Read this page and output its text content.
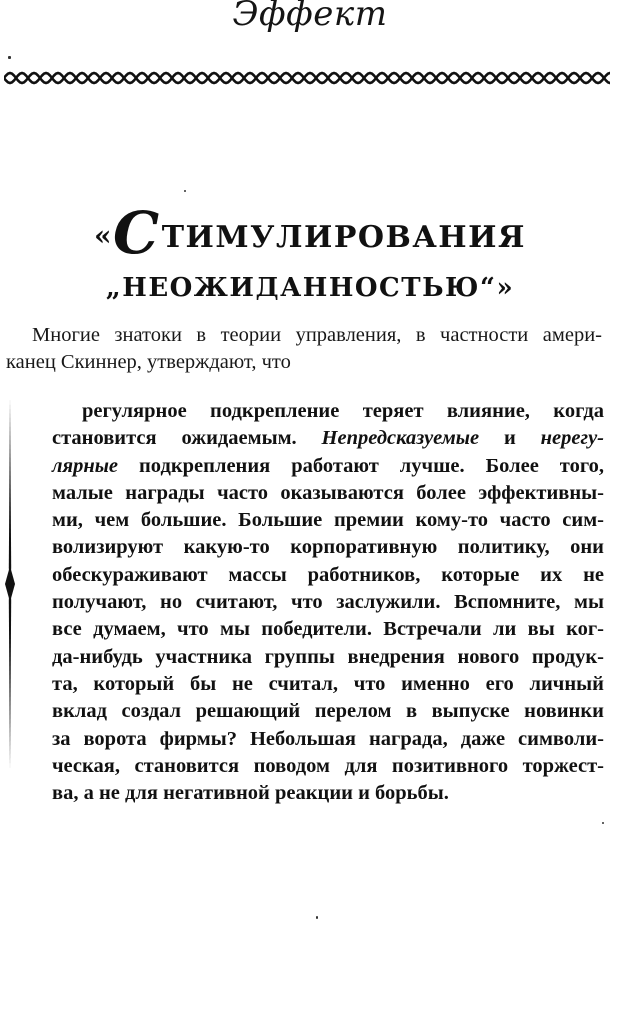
Эффект
«СТИМУЛИРОВАНИЯ
„НЕОЖИДАННОСТЬЮ“»
Многие знатоки в теории управления, в частности амери-
канец Скиннер, утверждают, что
регулярное подкрепление теряет влияние, когда
становится ожидаемым. Непредсказуемые и нерегу-
лярные подкрепления работают лучше. Более того,
малые награды часто оказываются более эффективны-
ми, чем большие. Большие премии кому-то часто сим-
волизируют какую-то корпоративную политику, они
обескураживают массы работников, которые их не
получают, но считают, что заслужили. Вспомните, мы
все думаем, что мы победители. Встречали ли вы ког-
да-нибудь участника группы внедрения нового продук-
та, который бы не считал, что именно его личный
вклад создал решающий перелом в выпуске новинки
за ворота фирмы? Небольшая награда, даже символи-
ческая, становится поводом для позитивного торжест-
ва, а не для негативной реакции и борьбы.
